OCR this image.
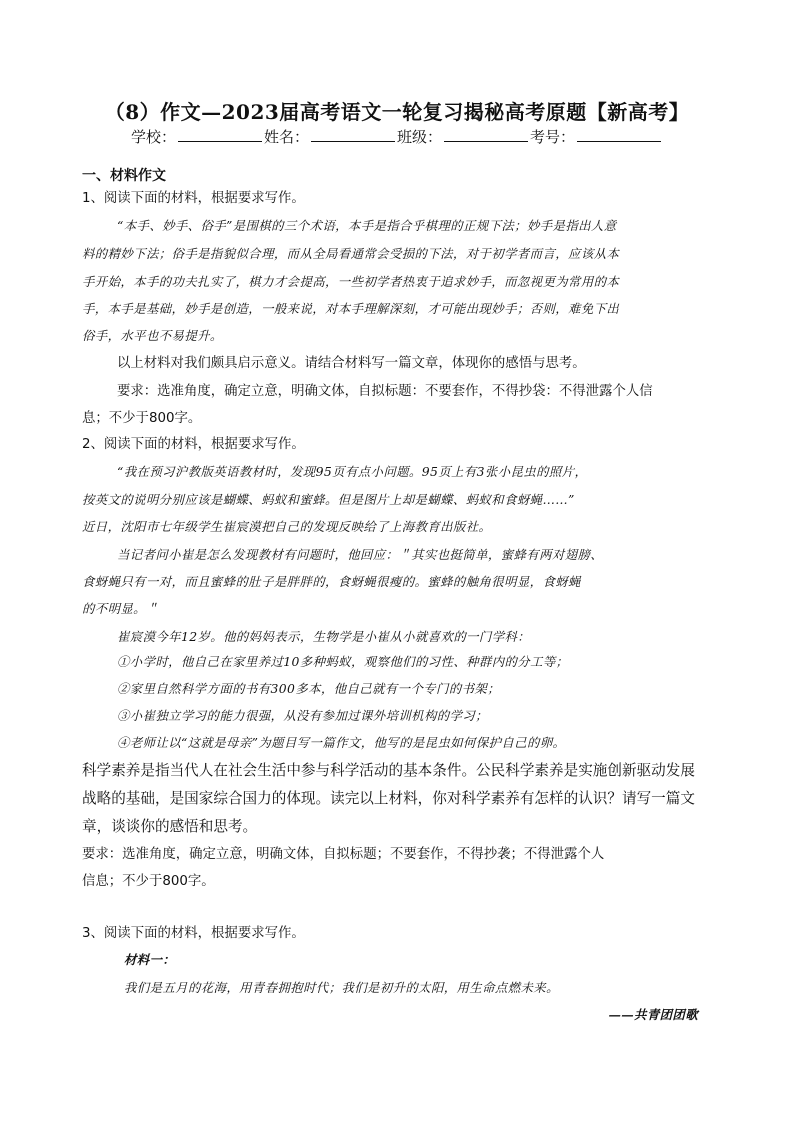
（8）作文—2023届高考语文一轮复习揭秘高考原题【新高考】
学校：	姓名：	班级：	考号：
一、材料作文
1、阅读下面的材料，根据要求写作。
“本手、妙手、俗手”是围棋的三个术语，本手是指合乎棋理的正规下法；妙手是指出人意
料的精妙下法；俗手是指貌似合理，而从全局看通常会受损的下法，对于初学者而言，应该从本
手开始，本手的功夫扎实了，棋力才会提高，一些初学者热衷于追求妙手，而忽视更为常用的本
手，本手是基础，妙手是创造，一般来说，对本手理解深刻，才可能出现妙手；否则，难免下出
俗手，水平也不易提升。
以上材料对我们颇具启示意义。请结合材料写一篇文章，体现你的感悟与思考。
要求：选准角度，确定立意，明确文体，自拟标题：不要套作，不得抄袋：不得泄露个人信
息；不少于800字。
2、阅读下面的材料，根据要求写作。
“我在预习沪教版英语教材时，发现95页有点小问题。95页上有3张小昆虫的照片，
按英文的说明分别应该是蝴蝶、蚂蚁和蜜蜂。但是图片上却是蝴蝶、蚂蚁和食蚜蝇……”
近日，沈阳市七年级学生崔宸漠把自己的发现反映给了上海教育出版社。
当记者问小崔是怎么发现教材有问题时，他回应：＂其实也挺简单，蜜蜂有两对翅膀、
食蚜蝇只有一对，而且蜜蜂的肚子是胖胖的，食蚜蝇很瘦的。蜜蜂的触角很明显，食蚜蝇
的不明显。＂
崔宸漠今年12岁。他的妈妈表示，生物学是小崔从小就喜欢的一门学科：
①小学时，他自己在家里养过10多种蚂蚁，观察他们的习性、种群内的分工等；
②家里自然科学方面的书有300多本，他自己就有一个专门的书架；
③小崔独立学习的能力很强，从没有参加过课外培训机构的学习；
④老师让以“这就是母亲”为题目写一篇作文，他写的是昆虫如何保护自己的卵。
科学素养是指当代人在社会生活中参与科学活动的基本条件。公民科学素养是实施创新驱动发展
战略的基础，是国家综合国力的体现。读完以上材料，你对科学素养有怎样的认识？请写一篇文
章，谈谈你的感悟和思考。
要求：选准角度，确定立意，明确文体，自拟标题；不要套作，不得抄袭；不得泄露个人
信息；不少于800字。
3、阅读下面的材料，根据要求写作。
材料一：
我们是五月的花海，用青春拥抱时代；我们是初升的太阳，用生命点燃未来。
——共青团团歌
